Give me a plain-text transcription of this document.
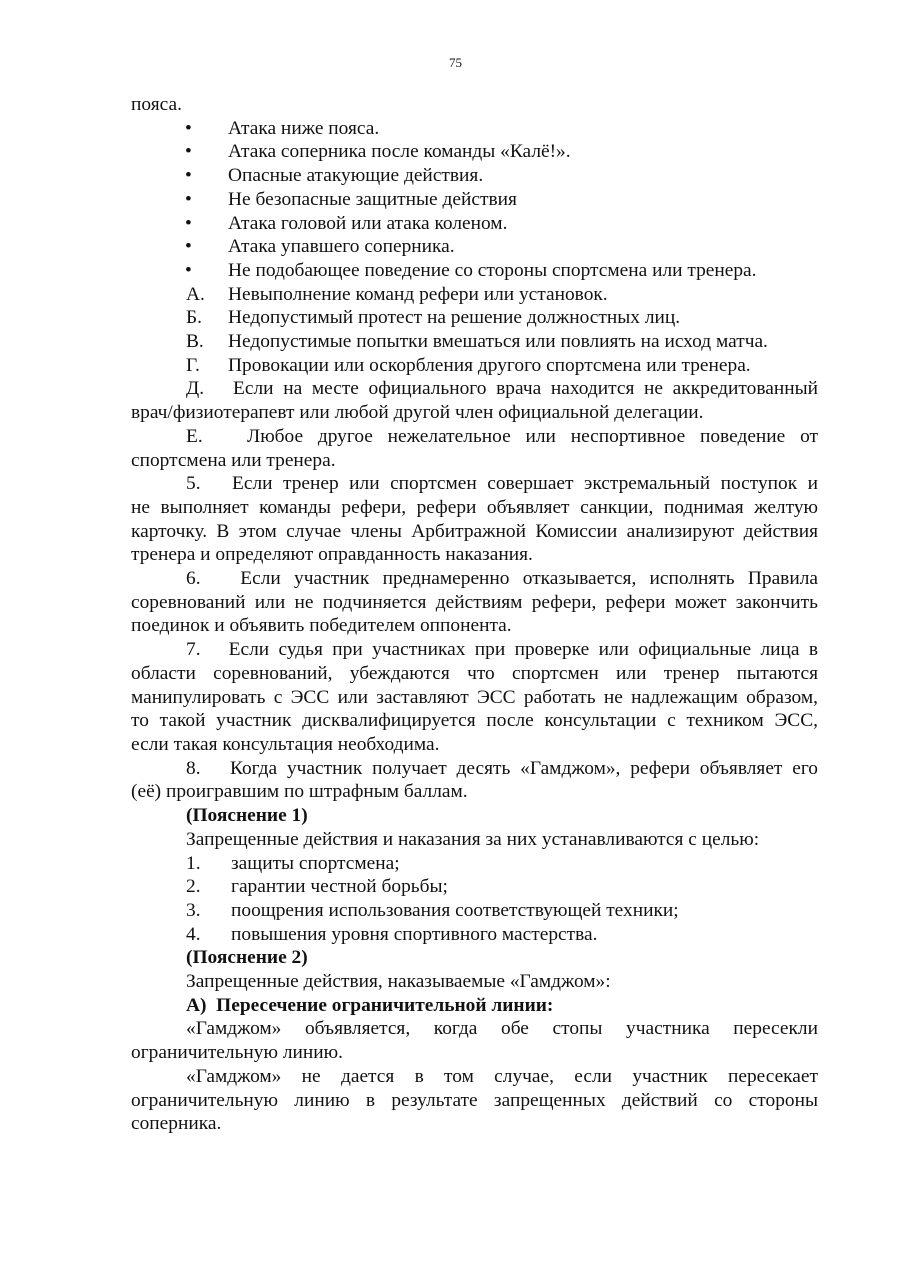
75
пояса.
• Атака ниже пояса.
• Атака соперника после команды «Калё!».
• Опасные атакующие действия.
• Не безопасные защитные действия
• Атака головой или атака коленом.
• Атака упавшего соперника.
• Не подобающее поведение со стороны спортсмена или тренера.
А. Невыполнение команд рефери или установок.
Б. Недопустимый протест на решение должностных лиц.
В. Недопустимые попытки вмешаться или повлиять на исход матча.
Г. Провокации или оскорбления другого спортсмена или тренера.
Д.   Если на месте официального врача находится не аккредитованный
врач/физиотерапевт или любой другой член официальной делегации.
Е.   Любое другое нежелательное или неспортивное поведение от
спортсмена или тренера.
5.   Если тренер или спортсмен совершает экстремальный поступок и
не выполняет команды рефери, рефери объявляет санкции, поднимая желтую
карточку. В этом случае члены Арбитражной Комиссии анализируют действия
тренера и определяют оправданность наказания.
6.   Если участник преднамеренно отказывается, исполнять Правила
соревнований или не подчиняется действиям рефери, рефери может закончить
поединок и объявить победителем оппонента.
7.   Если судья при участниках при проверке или официальные лица в
области соревнований, убеждаются что спортсмен или тренер пытаются
манипулировать с ЭСС или заставляют ЭСС работать не надлежащим образом,
то такой участник дисквалифицируется после консультации с техником ЭСС,
если такая консультация необходима.
8.   Когда участник получает десять «Гамджом», рефери объявляет его
(её) проигравшим по штрафным баллам.
(Пояснение 1)
Запрещенные действия и наказания за них устанавливаются с целью:
1. защиты спортсмена;
2. гарантии честной борьбы;
3. поощрения использования соответствующей техники;
4. повышения уровня спортивного мастерства.
(Пояснение 2)
Запрещенные действия, наказываемые «Гамджом»:
А)  Пересечение ограничительной линии:
«Гамджом» объявляется, когда обе стопы участника пересекли
ограничительную линию.
«Гамджом» не дается в том случае, если участник пересекает
ограничительную линию в результате запрещенных действий со стороны
соперника.
